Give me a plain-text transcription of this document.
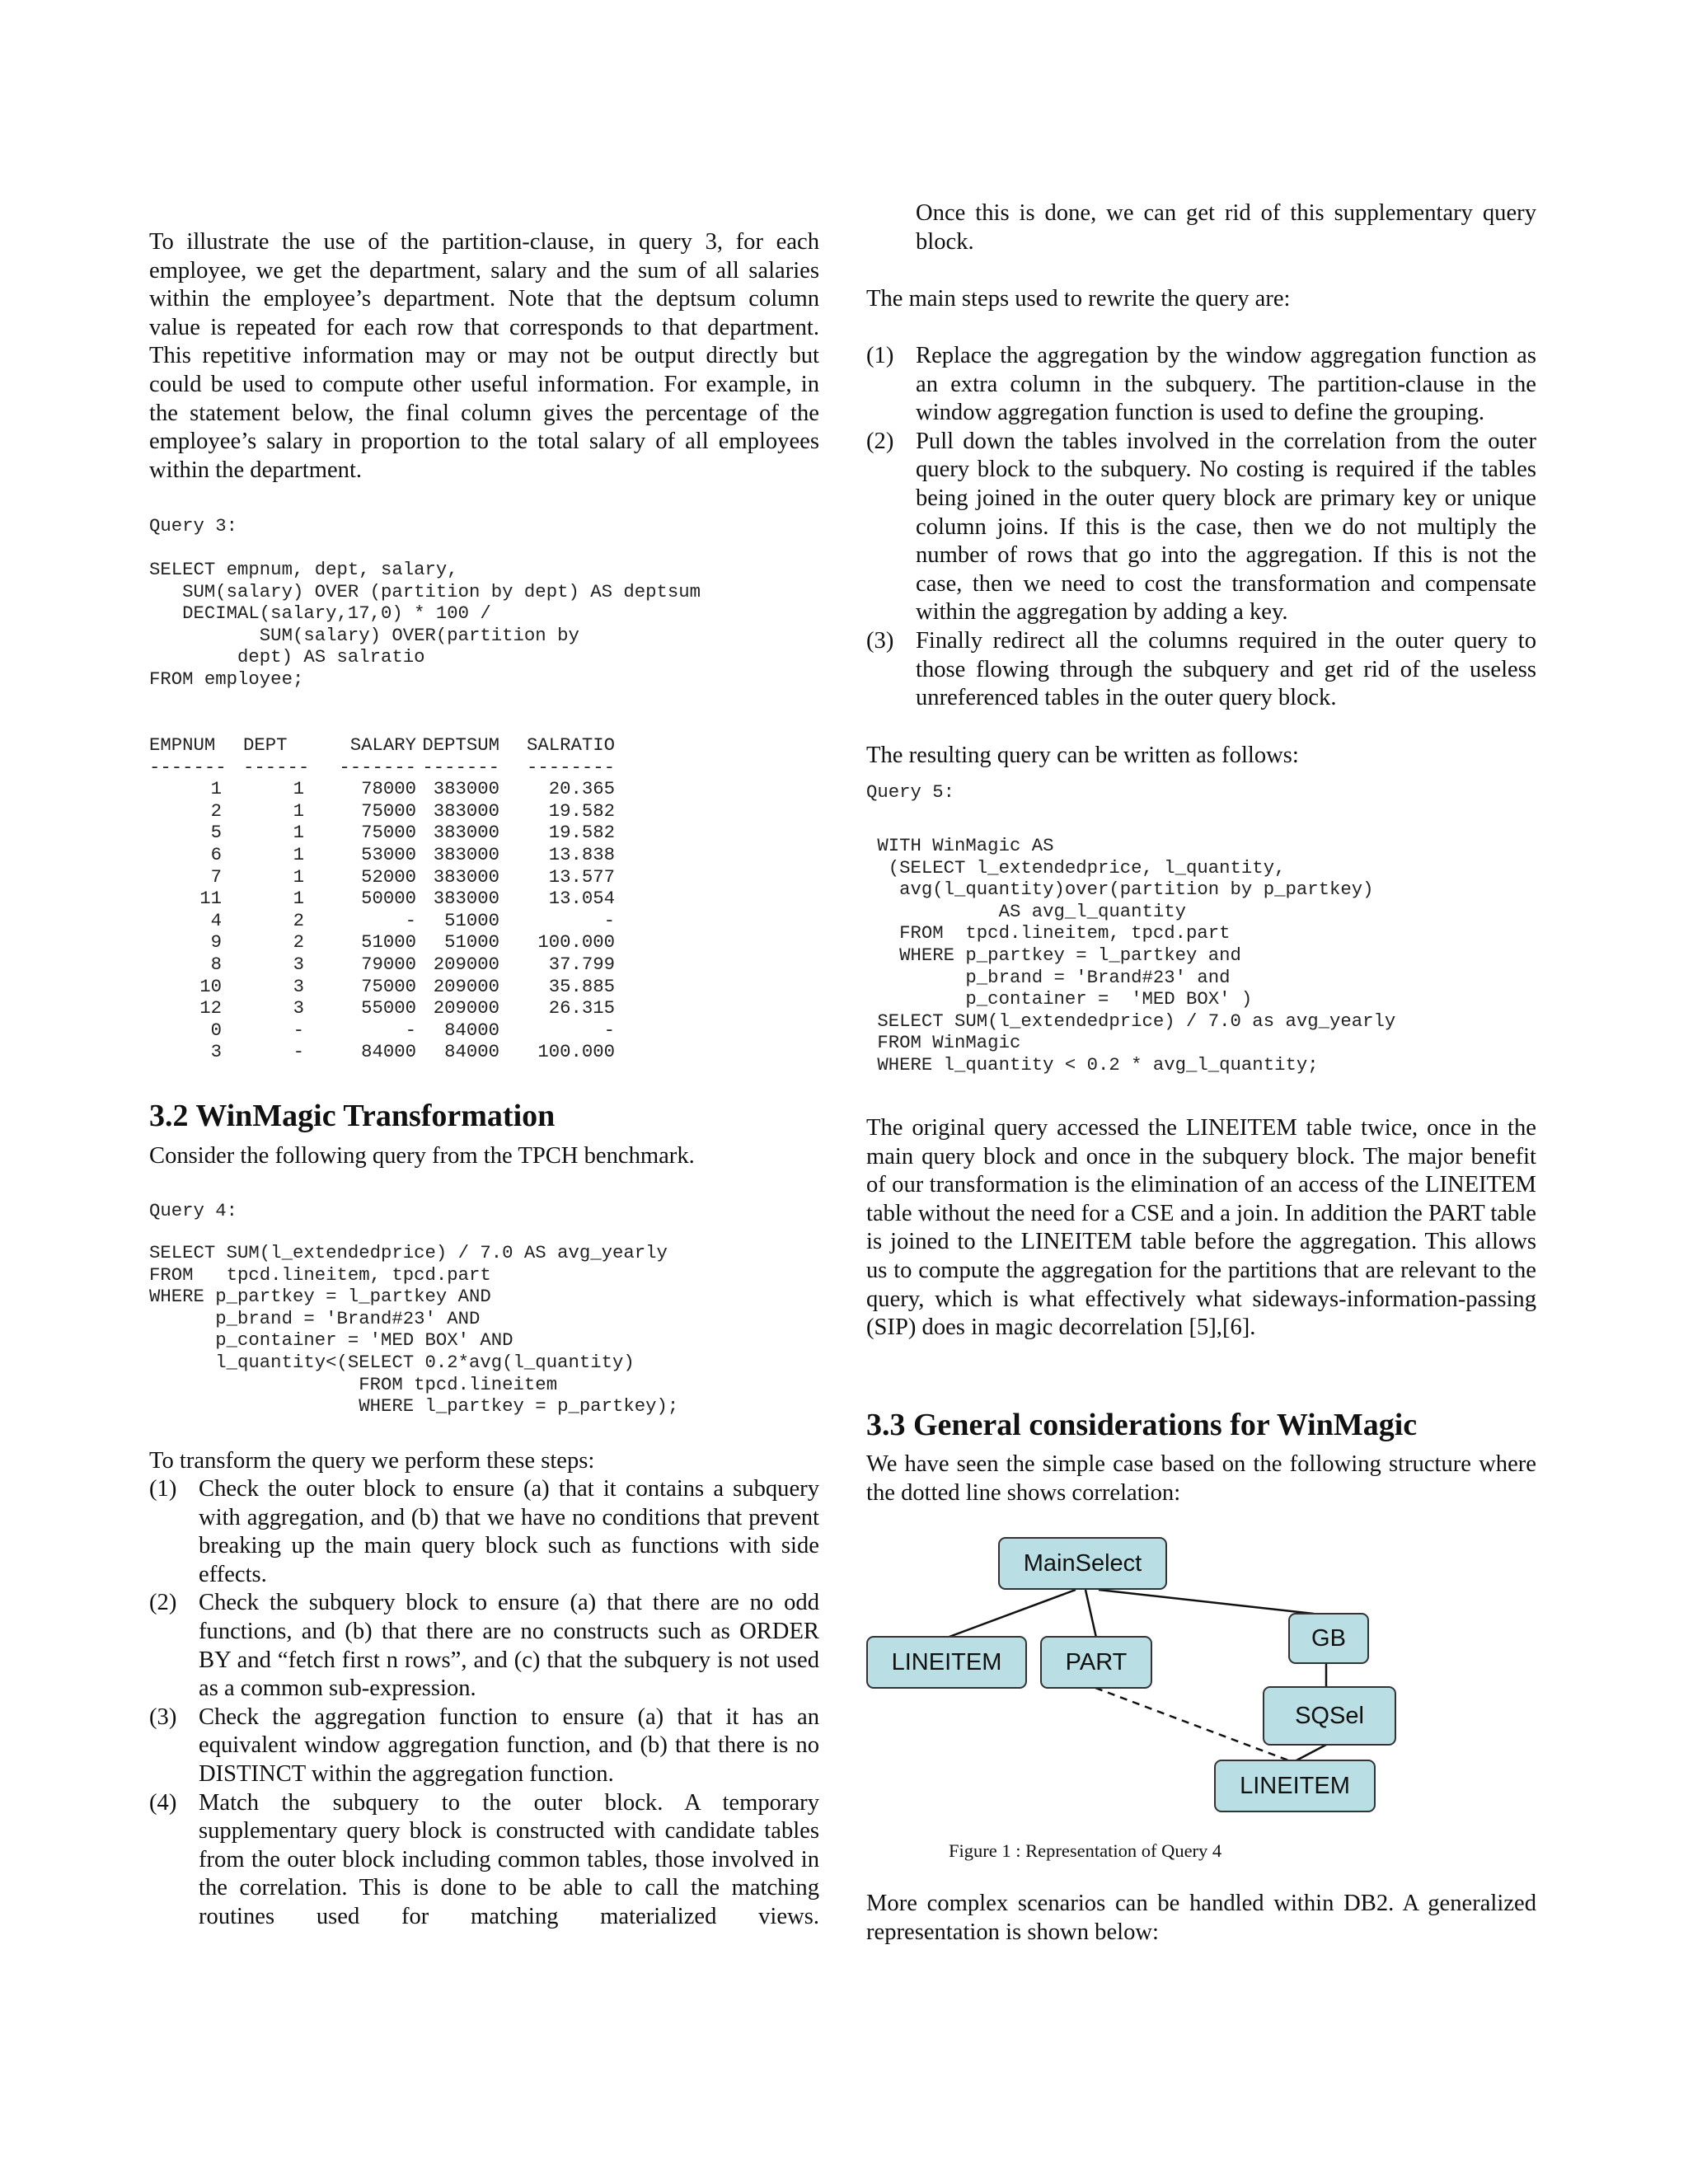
To illustrate the use of the partition-clause, in query 3, for each employee, we get the department, salary and the sum of all salaries within the employee’s department. Note that the deptsum column value is repeated for each row that corresponds to that department. This repetitive information may or may not be output directly but could be used to compute other useful information. For example, in the statement below, the final column gives the percentage of the employee’s salary in proportion to the total salary of all employees within the department.

Query 3:
SELECT empnum, dept, salary,
SUM(salary) OVER (partition by dept) AS deptsum
DECIMAL(salary,17,0) * 100 /
SUM(salary) OVER(partition by
dept) AS salratio
FROM employee;
EMPNUM	DEPT	SALARY	DEPTSUM	SALRATIO
-------	------	-------	-------	--------
1	1	78000	383000	20.365
2	1	75000	383000	19.582
5	1	75000	383000	19.582
6	1	53000	383000	13.838
7	1	52000	383000	13.577
11	1	50000	383000	13.054
4	2	-	51000	-
9	2	51000	51000	100.000
8	3	79000	209000	37.799
10	3	75000	209000	35.885
12	3	55000	209000	26.315
0	-	-	84000	-
3	-	84000	84000	100.000
3.2 WinMagic Transformation

Consider the following query from the TPCH benchmark.

Query 4:
SELECT SUM(l_extendedprice) / 7.0 AS avg_yearly
FROM   tpcd.lineitem, tpcd.part
WHERE p_partkey = l_partkey AND
p_brand = 'Brand#23' AND
p_container = 'MED BOX' AND
l_quantity<(SELECT 0.2*avg(l_quantity)
FROM tpcd.lineitem
WHERE l_partkey = p_partkey);

To transform the query we perform these steps:

(1) Check the outer block to ensure (a) that it contains a subquery with aggregation, and (b) that we have no conditions that prevent breaking up the main query block such as functions with side effects.
(2) Check the subquery block to ensure (a) that there are no odd functions, and (b) that there are no constructs such as ORDER BY and “fetch first n rows”, and (c) that the subquery is not used as a common sub-expression.
(3) Check the aggregation function to ensure (a) that it has an equivalent window aggregation function, and (b) that there is no DISTINCT within the aggregation function.
(4) Match the subquery to the outer block. A temporary supplementary query block is constructed with candidate tables from the outer block including common tables, those involved in the correlation. This is done to be able to call the matching routines used for matching materialized views.

Once this is done, we can get rid of this supplementary query block.

The main steps used to rewrite the query are:

(1) Replace the aggregation by the window aggregation function as an extra column in the subquery. The partition-clause in the window aggregation function is used to define the grouping.
(2) Pull down the tables involved in the correlation from the outer query block to the subquery. No costing is required if the tables being joined in the outer query block are primary key or unique column joins. If this is the case, then we do not multiply the number of rows that go into the aggregation. If this is not the case, then we need to cost the transformation and compensate within the aggregation by adding a key.
(3) Finally redirect all the columns required in the outer query to those flowing through the subquery and get rid of the useless unreferenced tables in the outer query block.

The resulting query can be written as follows:

Query 5:
WITH WinMagic AS
(SELECT l_extendedprice, l_quantity,
avg(l_quantity)over(partition by p_partkey)
AS avg_l_quantity
FROM  tpcd.lineitem, tpcd.part
WHERE p_partkey = l_partkey and
p_brand = 'Brand#23' and
p_container =  'MED BOX' )
SELECT SUM(l_extendedprice) / 7.0 as avg_yearly
FROM WinMagic
WHERE l_quantity < 0.2 * avg_l_quantity;

The original query accessed the LINEITEM table twice, once in the main query block and once in the subquery block. The major benefit of our transformation is the elimination of an access of the LINEITEM table without the need for a CSE and a join. In addition the PART table is joined to the LINEITEM table before the aggregation. This allows us to compute the aggregation for the partitions that are relevant to the query, which is what effectively what sideways-information-passing (SIP) does in magic decorrelation [5],[6].

3.3 General considerations for WinMagic

We have seen the simple case based on the following structure where the dotted line shows correlation:

MainSelect
LINEITEM	PART
GB
SQSel
LINEITEM
Figure 1 : Representation of Query 4

More complex scenarios can be handled within DB2. A generalized representation is shown below:
